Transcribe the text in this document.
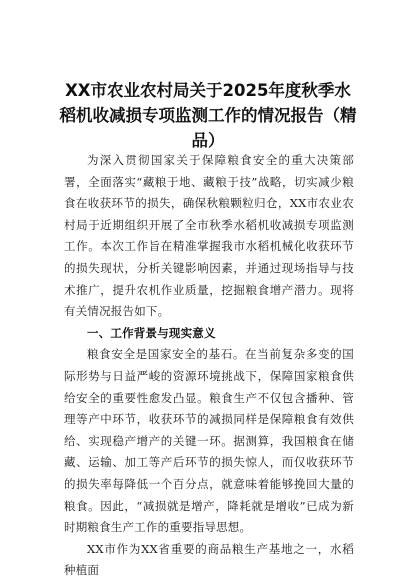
XX市农业农村局关于2025年度秋季水稻机收减损专项监测工作的情况报告（精品）

为深入贯彻国家关于保障粮食安全的重大决策部署，全面落实“藏粮于地、藏粮于技”战略，切实减少粮食在收获环节的损失，确保秋粮颗粒归仓，XX市农业农村局于近期组织开展了全市秋季水稻机收减损专项监测工作。本次工作旨在精准掌握我市水稻机械化收获环节的损失现状，分析关键影响因素，并通过现场指导与技术推广，提升农机作业质量，挖掘粮食增产潜力。现将有关情况报告如下。

一、工作背景与现实意义

粮食安全是国家安全的基石。在当前复杂多变的国际形势与日益严峻的资源环境挑战下，保障国家粮食供给安全的重要性愈发凸显。粮食生产不仅包含播种、管理等产中环节，收获环节的减损同样是保障粮食有效供给、实现稳产增产的关键一环。据测算，我国粮食在储藏、运输、加工等产后环节的损失惊人，而仅收获环节的损失率每降低一个百分点，就意味着能够挽回大量的粮食。因此，“减损就是增产，降耗就是增收”已成为新时期粮食生产工作的重要指导思想。

XX市作为XX省重要的商品粮生产基地之一，水稻种植面
